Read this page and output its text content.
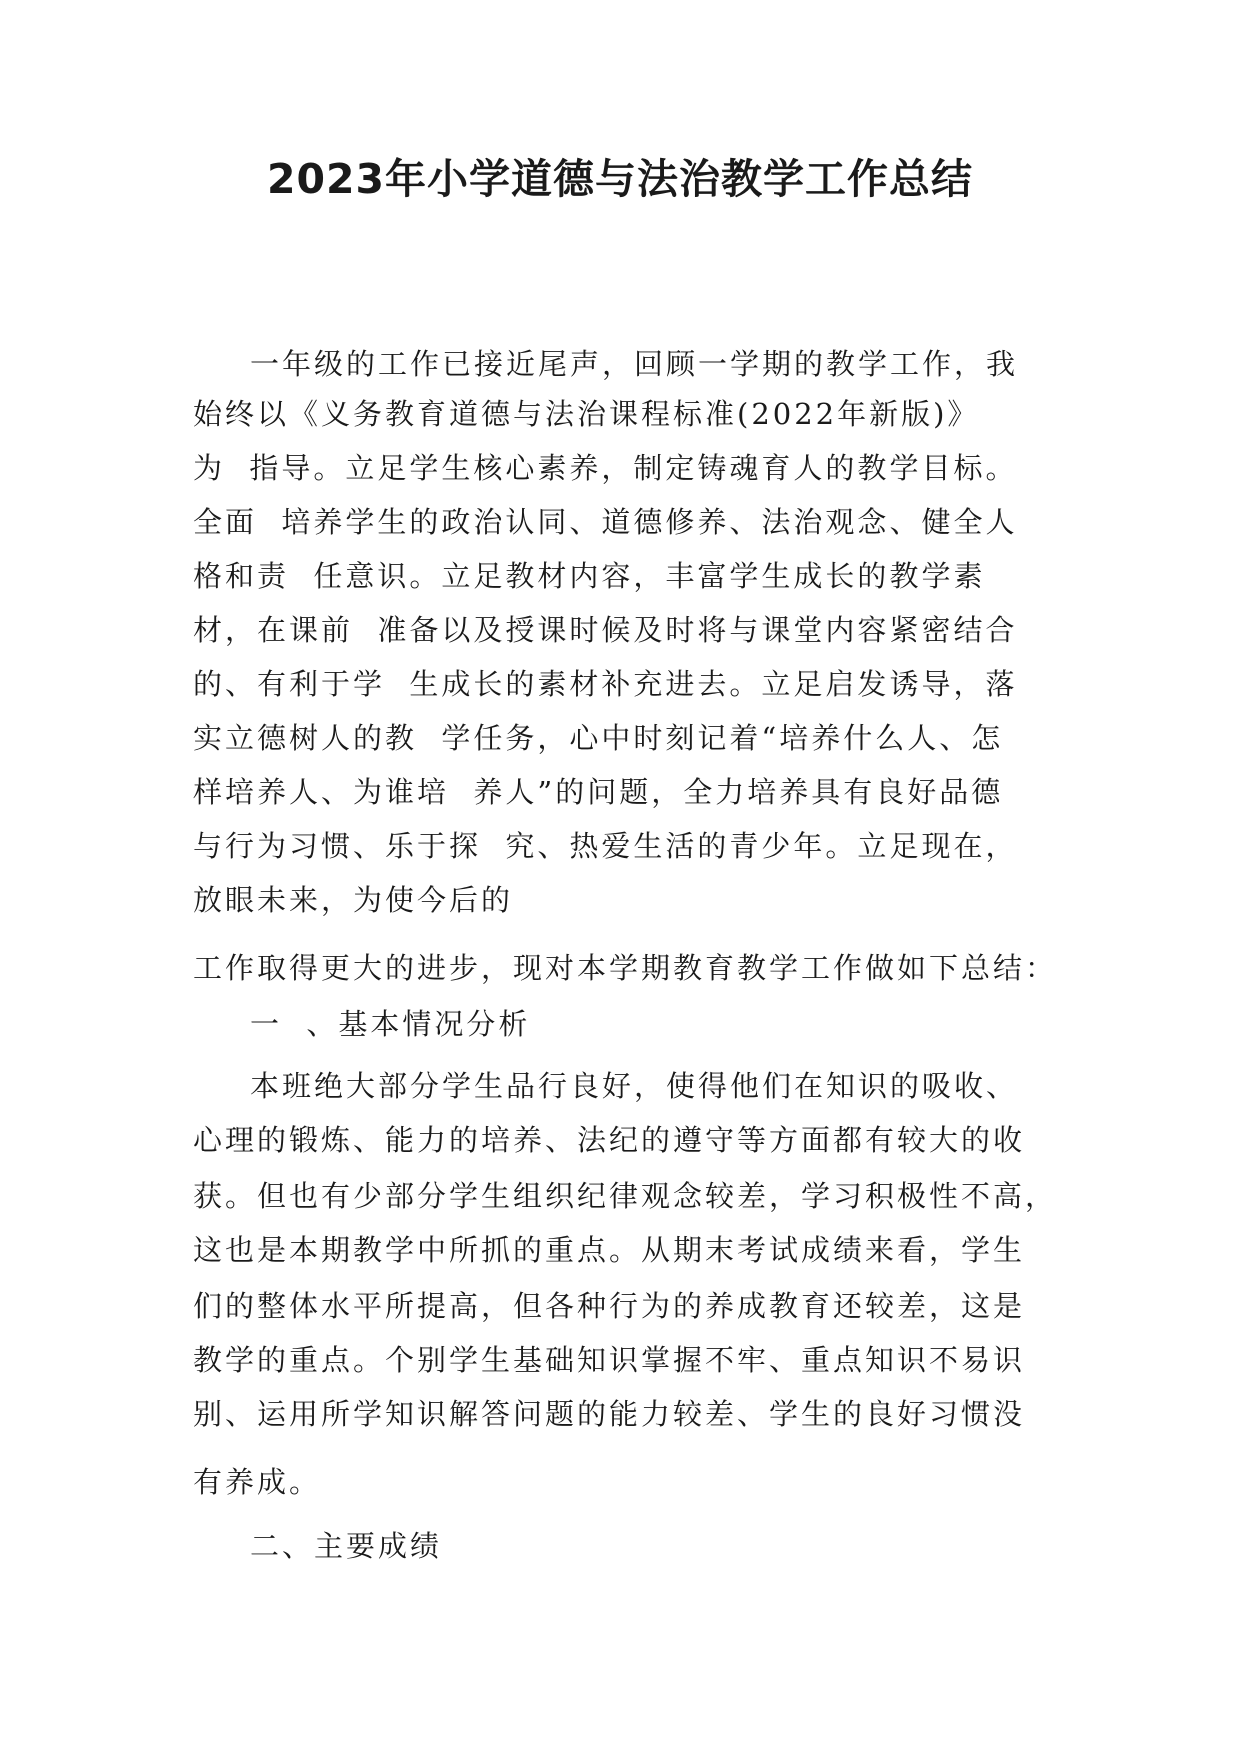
2023年小学道德与法治教学工作总结
一年级的工作已接近尾声，回顾一学期的教学工作，我
始终以《义务教育道德与法治课程标准(2022年新版)》
为  指导。立足学生核心素养，制定铸魂育人的教学目标。
全面  培养学生的政治认同、道德修养、法治观念、健全人
格和责  任意识。立足教材内容，丰富学生成长的教学素
材，在课前  准备以及授课时候及时将与课堂内容紧密结合
的、有利于学  生成长的素材补充进去。立足启发诱导，落
实立德树人的教  学任务，心中时刻记着“培养什么人、怎
样培养人、为谁培  养人”的问题，全力培养具有良好品德
与行为习惯、乐于探  究、热爱生活的青少年。立足现在，
放眼未来，为使今后的
工作取得更大的进步，现对本学期教育教学工作做如下总结：
一  、基本情况分析
本班绝大部分学生品行良好，使得他们在知识的吸收、
心理的锻炼、能力的培养、法纪的遵守等方面都有较大的收
获。但也有少部分学生组织纪律观念较差，学习积极性不高，
这也是本期教学中所抓的重点。从期末考试成绩来看，学生
们的整体水平所提高，但各种行为的养成教育还较差，这是
教学的重点。个别学生基础知识掌握不牢、重点知识不易识
别、运用所学知识解答问题的能力较差、学生的良好习惯没
有养成。
二、主要成绩
